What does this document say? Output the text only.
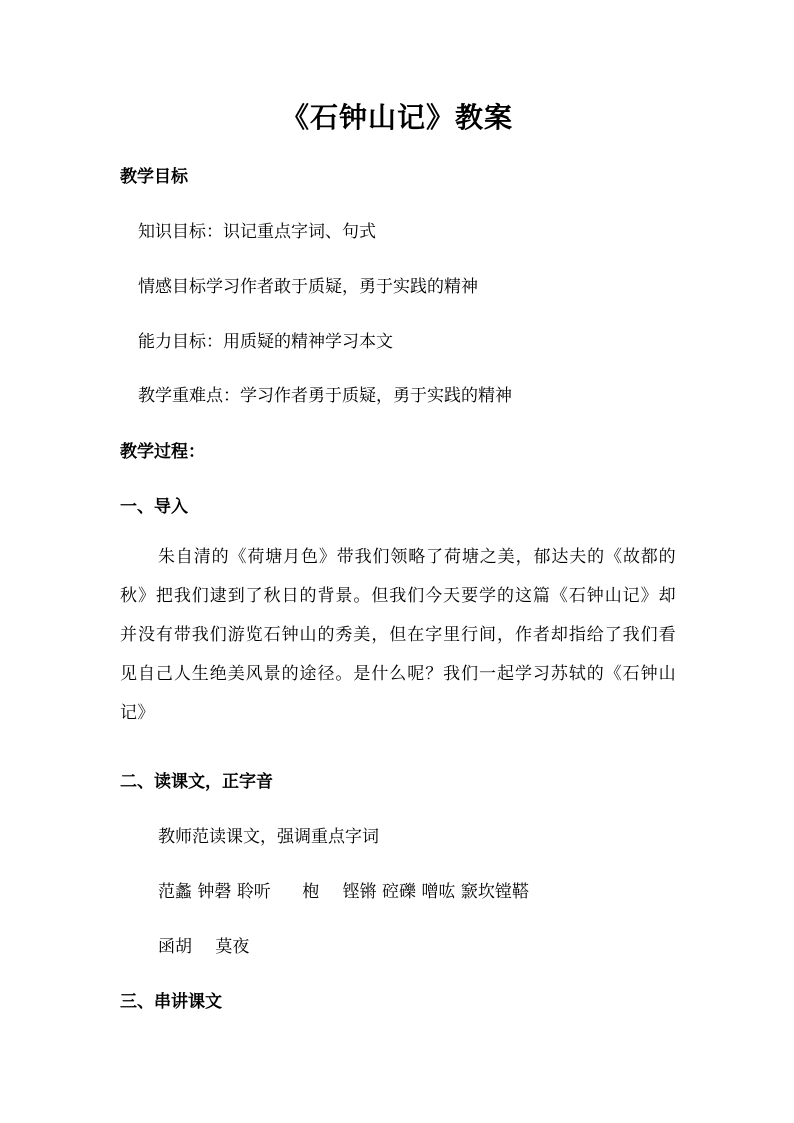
《石钟山记》教案
教学目标

知识目标：识记重点字词、句式

情感目标学习作者敢于质疑，勇于实践的精神

能力目标：用质疑的精神学习本文

教学重难点：学习作者勇于质疑，勇于实践的精神

教学过程：
一、导入

朱自清的《荷塘月色》带我们领略了荷塘之美，郁达夫的《故都的秋》把我们逮到了秋日的背景。但我们今天要学的这篇《石钟山记》却并没有带我们游览石钟山的秀美，但在字里行间，作者却指给了我们看见自己人生绝美风景的途径。是什么呢？我们一起学习苏轼的《石钟山记》

二、读课文，正字音

教师范读课文，强调重点字词

范蠡 钟磬 聆听 枹 铿锵 硿礫 噌吰 窾坎镗鞳

函胡 莫夜

三、串讲课文
